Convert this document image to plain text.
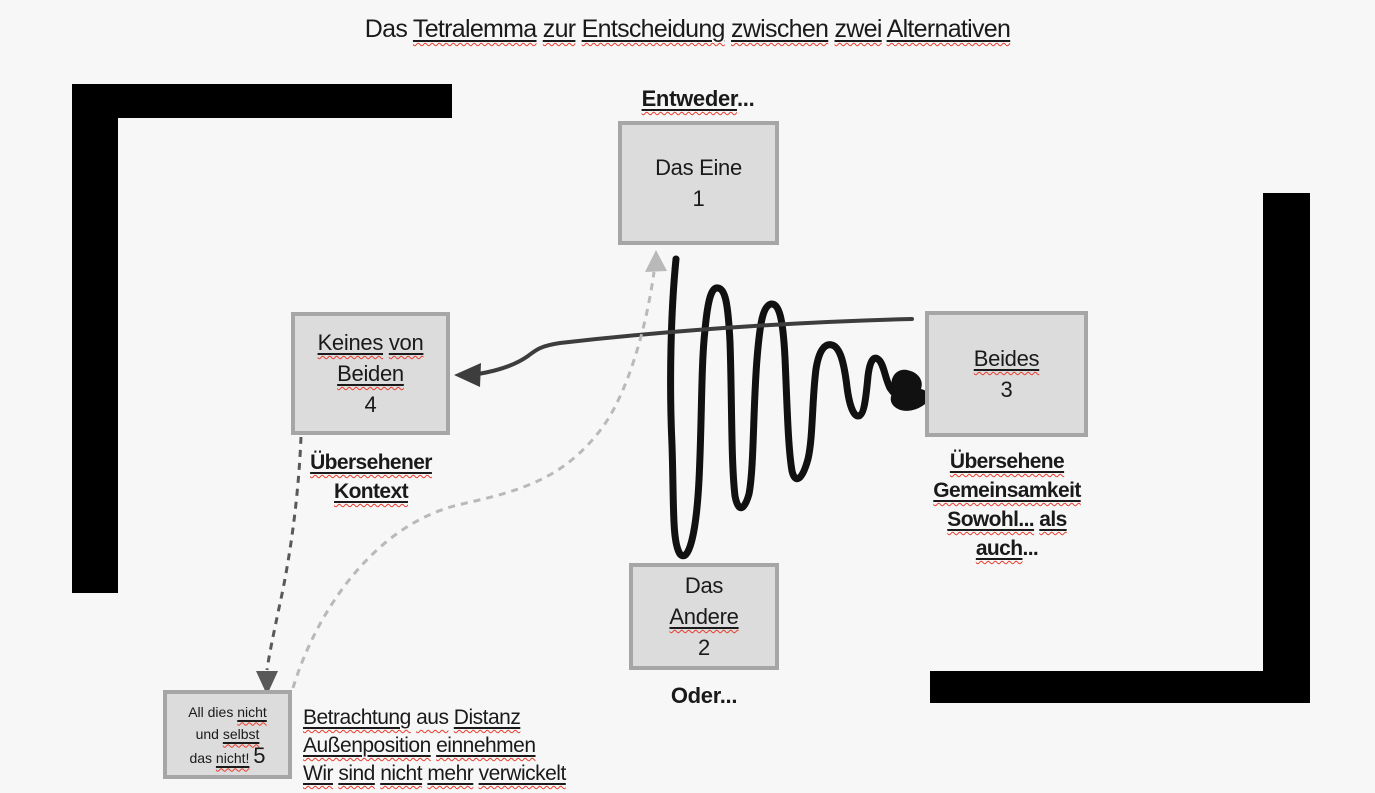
Das Tetralemma zur Entscheidung zwischen zwei Alternativen
Entweder...
Das Eine
1
Keines von
Beiden
4
Übersehener
Kontext
Beides
3
Übersehene
Gemeinsamkeit
Sowohl... als
auch...
Das
Andere
2
Oder...
All dies nicht
und selbst
das nicht! 5
Betrachtung aus Distanz
Außenposition einnehmen
Wir sind nicht mehr verwickelt
